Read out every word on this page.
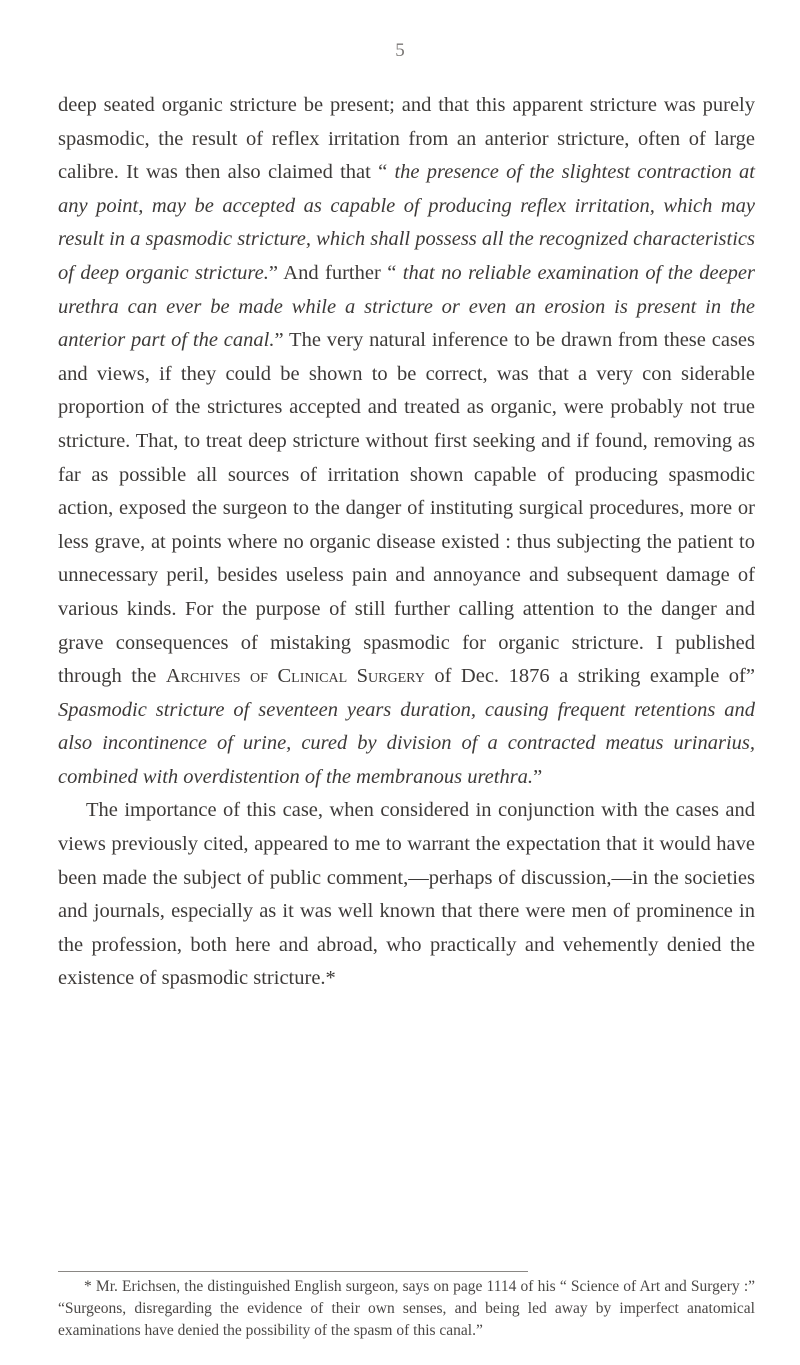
5

deep seated organic stricture be present; and that this apparent stricture was purely spasmodic, the result of reflex irritation from an anterior stricture, often of large calibre. It was then also claimed that “ the presence of the slightest contraction at any point, may be accepted as capable of producing reflex irritation, which may result in a spasmodic stricture, which shall possess all the recognized characteristics of deep organic stricture.” And further “ that no reliable examination of the deeper urethra can ever be made while a stricture or even an erosion is present in the anterior part of the canal.” The very natural inference to be drawn from these cases and views, if they could be shown to be correct, was that a very con siderable proportion of the strictures accepted and treated as organic, were probably not true stricture. That, to treat deep stricture without first seeking and if found, removing as far as possible all sources of irritation shown capable of producing spasmodic action, exposed the surgeon to the danger of instituting surgical procedures, more or less grave, at points where no organic disease existed : thus subjecting the patient to unnecessary peril, besides useless pain and annoyance and subsequent damage of various kinds. For the purpose of still further calling attention to the danger and grave consequences of mistaking spasmodic for organic stricture. I published through the Archives of Clinical Surgery of Dec. 1876 a striking example of” Spasmodic stricture of seventeen years duration, causing frequent retentions and also incontinence of urine, cured by division of a contracted meatus urinarius, combined with overdistention of the membranous urethra.”

The importance of this case, when considered in conjunction with the cases and views previously cited, appeared to me to warrant the expectation that it would have been made the subject of public comment,—perhaps of discussion,—in the societies and journals, especially as it was well known that there were men of prominence in the profession, both here and abroad, who practically and vehemently denied the existence of spasmodic stricture.*

* Mr. Erichsen, the distinguished English surgeon, says on page 1114 of his “ Science of Art and Surgery :” “Surgeons, disregarding the evidence of their own senses, and being led away by imperfect anatomical examinations have denied the possibility of the spasm of this canal.”
